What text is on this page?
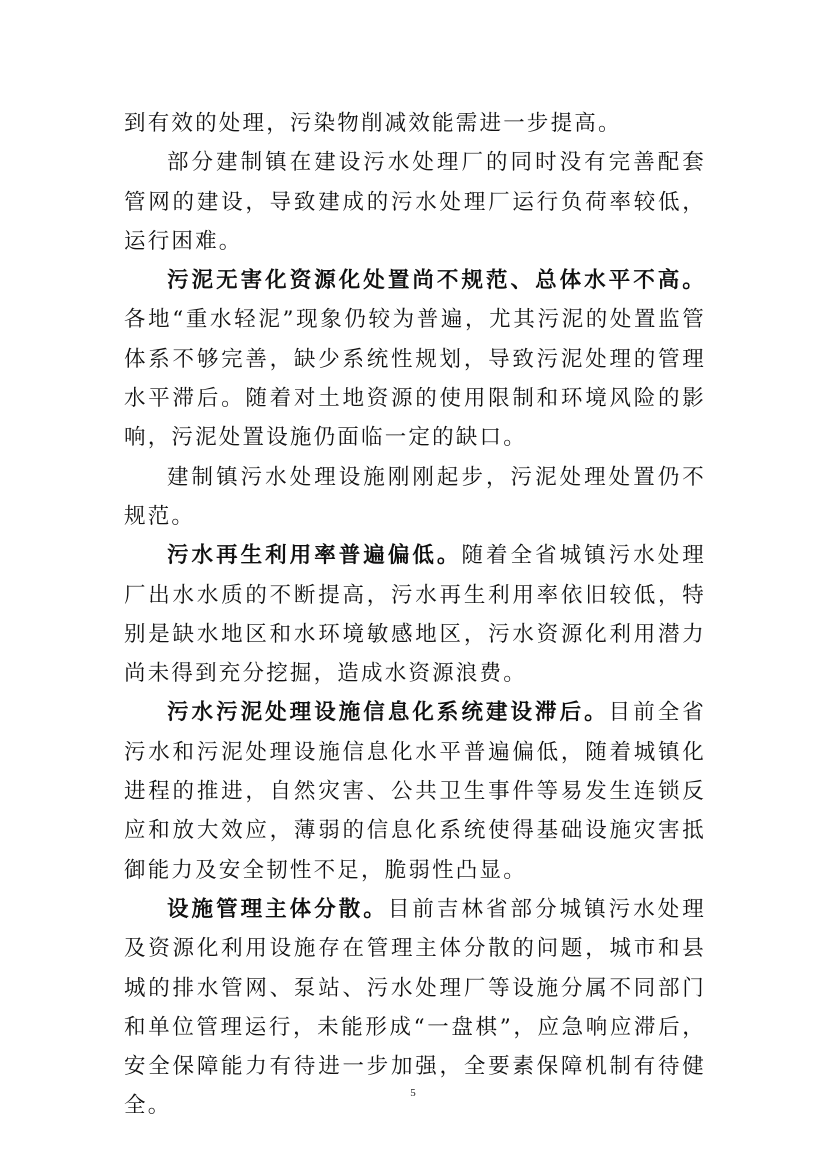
到有效的处理，污染物削减效能需进一步提高。

部分建制镇在建设污水处理厂的同时没有完善配套管网的建设，导致建成的污水处理厂运行负荷率较低，运行困难。

污泥无害化资源化处置尚不规范、总体水平不高。各地“重水轻泥”现象仍较为普遍，尤其污泥的处置监管体系不够完善，缺少系统性规划，导致污泥处理的管理水平滞后。随着对土地资源的使用限制和环境风险的影响，污泥处置设施仍面临一定的缺口。

建制镇污水处理设施刚刚起步，污泥处理处置仍不规范。

污水再生利用率普遍偏低。随着全省城镇污水处理厂出水水质的不断提高，污水再生利用率依旧较低，特别是缺水地区和水环境敏感地区，污水资源化利用潜力尚未得到充分挖掘，造成水资源浪费。

污水污泥处理设施信息化系统建设滞后。目前全省污水和污泥处理设施信息化水平普遍偏低，随着城镇化进程的推进，自然灾害、公共卫生事件等易发生连锁反应和放大效应，薄弱的信息化系统使得基础设施灾害抵御能力及安全韧性不足，脆弱性凸显。

设施管理主体分散。目前吉林省部分城镇污水处理及资源化利用设施存在管理主体分散的问题，城市和县城的排水管网、泵站、污水处理厂等设施分属不同部门和单位管理运行，未能形成“一盘棋”，应急响应滞后，安全保障能力有待进一步加强，全要素保障机制有待健全。

5
